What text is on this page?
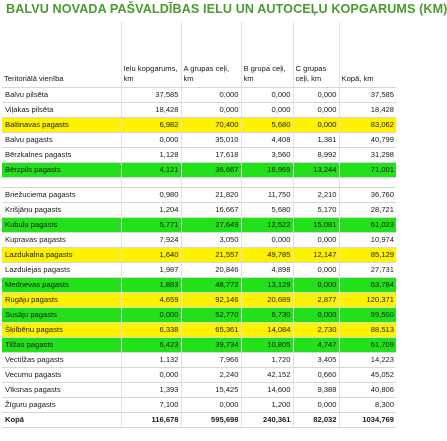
BALVU NOVADA PAŠVALDĪBAS IELU UN AUTOCEĻU KOPGARUMS (KM)
Teritoriālā vienība	Ielu kopgarums, km	A grupas ceļi, km	B grupa ceļi, km	C grupas ceļi, km	Kopā, km
Balvu pilsēta	37,585	0,000	0,000	0,000	37,585
Viļakas pilsēta	18,428	0,000	0,000	0,000	18,428
Baltinavas pagasts	6,982	70,400	5,680	0,000	83,062
Balvu pagasts	0,000	35,010	4,408	1,381	40,799
Bērzkalnes pagasts	1,128	17,618	3,560	8,992	31,298
Bērzpils pagasts	4,121	36,667	16,969	13,244	71,001

Briežuciema pagasts	0,980	21,820	11,750	2,210	36,760
Krišjāņu pagasts	1,204	16,667	5,680	5,170	28,721
Kubulu pagasts	5,771	27,649	12,522	15,081	61,023
Kupravas pagasts	7,924	3,050	0,000	0,000	10,974
Lazdukalna pagasts	1,640	21,557	49,785	12,147	85,129
Lazdulejas pagasts	1,987	20,846	4,898	0,000	27,731
Medņevas pagasts	1,883	48,772	13,129	0,000	63,784
Rugāju pagasts	4,659	92,146	20,689	2,877	120,371
Susāju pagasts	0,000	52,770	6,730	0,000	59,500
Šķilbēnu pagasts	6,338	65,361	14,084	2,730	88,513
Tilžas pagasts	6,423	39,734	10,805	4,747	61,709
Vectilžas pagasts	1,132	7,966	1,720	3,405	14,223
Vecumu pagasts	0,000	2,240	42,152	0,660	45,052
Vīksnas pagasts	1,393	15,425	14,600	9,388	40,806
Žīguru pagasts	7,100	0,000	1,200	0,000	8,300
Kopā	116,678	595,698	240,361	82,032	1034,769
